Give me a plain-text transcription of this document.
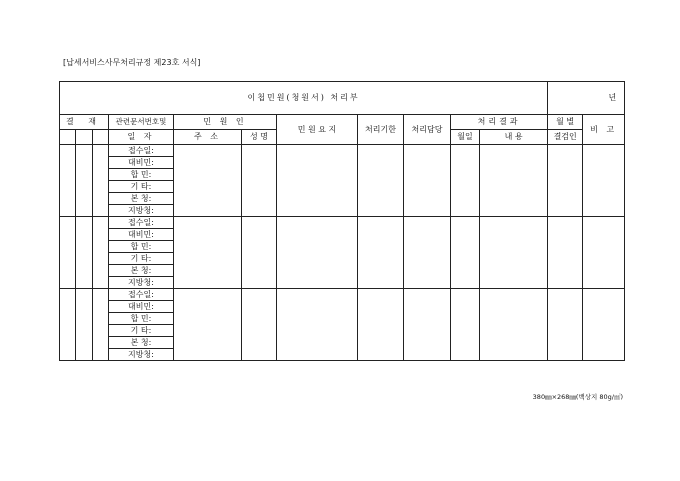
[납세서비스사무처리규정 제23호 서식]
이첩민원(청원서) 처리부											년	
결 재			관련문서번호및	민 원 인		민 원 요 지	처리기한	처리담당	처리결과		월 별	비 고
			일 자	주 소	성 명				월일	내 용	결검인	
			접수일:									
			대비민:									
			합 민:									
			기 타:									
			본 청:									
			지방청:									
			접수일:									
			대비민:									
			합 민:									
			기 타:									
			본 청:									
			지방청:									
			접수일:									
			대비민:									
			합 민:									
			기 타:									
			본 청:									
			지방청:									
380㎜×268㎜(백상지 80g/㎡)
